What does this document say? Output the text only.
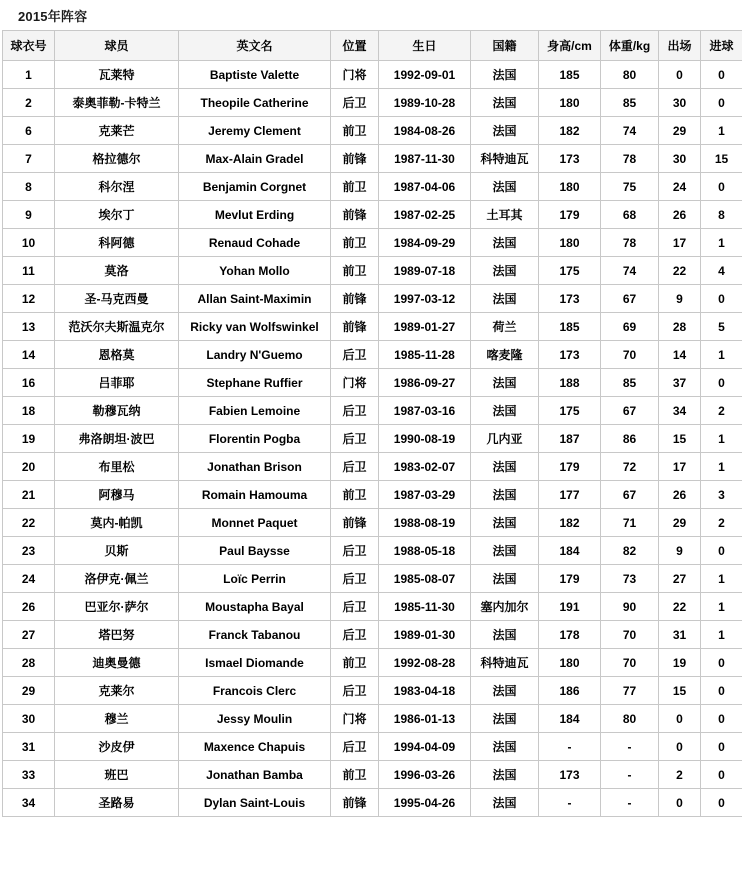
2015年阵容
球衣号	球员	英文名	位置	生日	国籍	身高/cm	体重/kg	出场	进球
1	瓦莱特	Baptiste Valette	门将	1992-09-01	法国	185	80	0	0
2	泰奥菲勒-卡特兰	Theopile Catherine	后卫	1989-10-28	法国	180	85	30	0
6	克莱芒	Jeremy Clement	前卫	1984-08-26	法国	182	74	29	1
7	格拉德尔	Max-Alain Gradel	前锋	1987-11-30	科特迪瓦	173	78	30	15
8	科尔涅	Benjamin Corgnet	前卫	1987-04-06	法国	180	75	24	0
9	埃尔丁	Mevlut Erding	前锋	1987-02-25	土耳其	179	68	26	8
10	科阿德	Renaud Cohade	前卫	1984-09-29	法国	180	78	17	1
11	莫洛	Yohan Mollo	前卫	1989-07-18	法国	175	74	22	4
12	圣-马克西曼	Allan Saint-Maximin	前锋	1997-03-12	法国	173	67	9	0
13	范沃尔夫斯温克尔	Ricky van Wolfswinkel	前锋	1989-01-27	荷兰	185	69	28	5
14	恩格莫	Landry N'Guemo	后卫	1985-11-28	喀麦隆	173	70	14	1
16	吕菲耶	Stephane Ruffier	门将	1986-09-27	法国	188	85	37	0
18	勒穆瓦纳	Fabien Lemoine	后卫	1987-03-16	法国	175	67	34	2
19	弗洛朗坦·波巴	Florentin Pogba	后卫	1990-08-19	几内亚	187	86	15	1
20	布里松	Jonathan Brison	后卫	1983-02-07	法国	179	72	17	1
21	阿穆马	Romain Hamouma	前卫	1987-03-29	法国	177	67	26	3
22	莫内-帕凯	Monnet Paquet	前锋	1988-08-19	法国	182	71	29	2
23	贝斯	Paul Baysse	后卫	1988-05-18	法国	184	82	9	0
24	洛伊克·佩兰	Loïc Perrin	后卫	1985-08-07	法国	179	73	27	1
26	巴亚尔·萨尔	Moustapha Bayal	后卫	1985-11-30	塞内加尔	191	90	22	1
27	塔巴努	Franck Tabanou	后卫	1989-01-30	法国	178	70	31	1
28	迪奥曼德	Ismael Diomande	前卫	1992-08-28	科特迪瓦	180	70	19	0
29	克莱尔	Francois Clerc	后卫	1983-04-18	法国	186	77	15	0
30	穆兰	Jessy Moulin	门将	1986-01-13	法国	184	80	0	0
31	沙皮伊	Maxence Chapuis	后卫	1994-04-09	法国	-	-	0	0
33	班巴	Jonathan Bamba	前卫	1996-03-26	法国	173	-	2	0
34	圣路易	Dylan Saint-Louis	前锋	1995-04-26	法国	-	-	0	0
